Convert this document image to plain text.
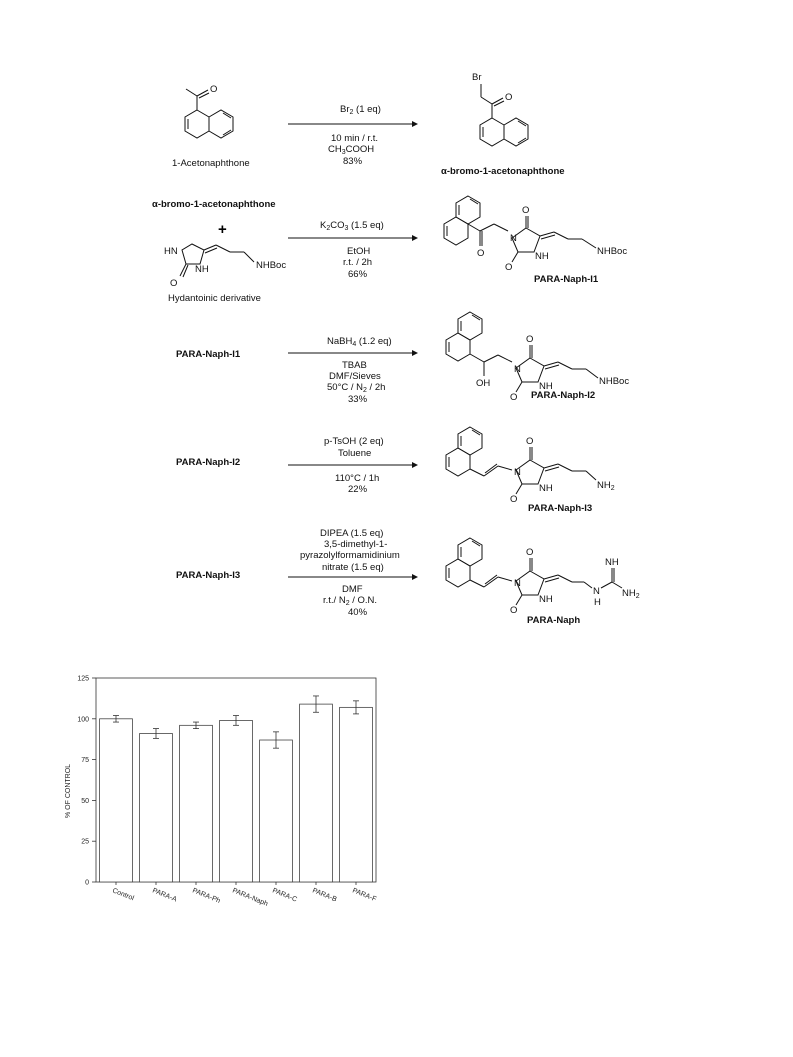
O
1-Acetonaphthone
$Br_2$ (1 eq)
10 min / r.t.
$CH_3COOH$
83%
O
Br
α-bromo-1-acetonaphthone
α-bromo-1-acetonaphthone
+
HN
NH
O
NHBoc
Hydantoinic derivative
$K_2CO_3$ (1.5 eq)
EtOH
r.t. / 2h
66%
O
N
O
O
NH	NHBoc
PARA-Naph-I1
PARA-Naph-I1
NaBH$_4$ (1.2 eq)
TBAB
DMF/Sieves
$50^\circ C / N_2 / 2h$
33%
OH
N
O
O
NH	NHBoc
PARA-Naph-I2
PARA-Naph-I2
p-TsOH (2 eq)
Toluene
110°C / 1h
22%
N
O
O
NH	$NH_2$
PARA-Naph-I3
PARA-Naph-I3
DIPEA (1.5 eq)
3,5-dimethyl-1-
pyrazolylformamidinium
nitrate (1.5 eq)
DMF
r.t./ $N_2 / O.N$.
40%
N
O
O
NH
N
H
NH
$NH_2$
PARA-Naph
0
25
50
75
100
125
Control PARA-A PARA-Ph PARA-Naph PARA-C PARA-B PARA-F
% OF CONTROL
